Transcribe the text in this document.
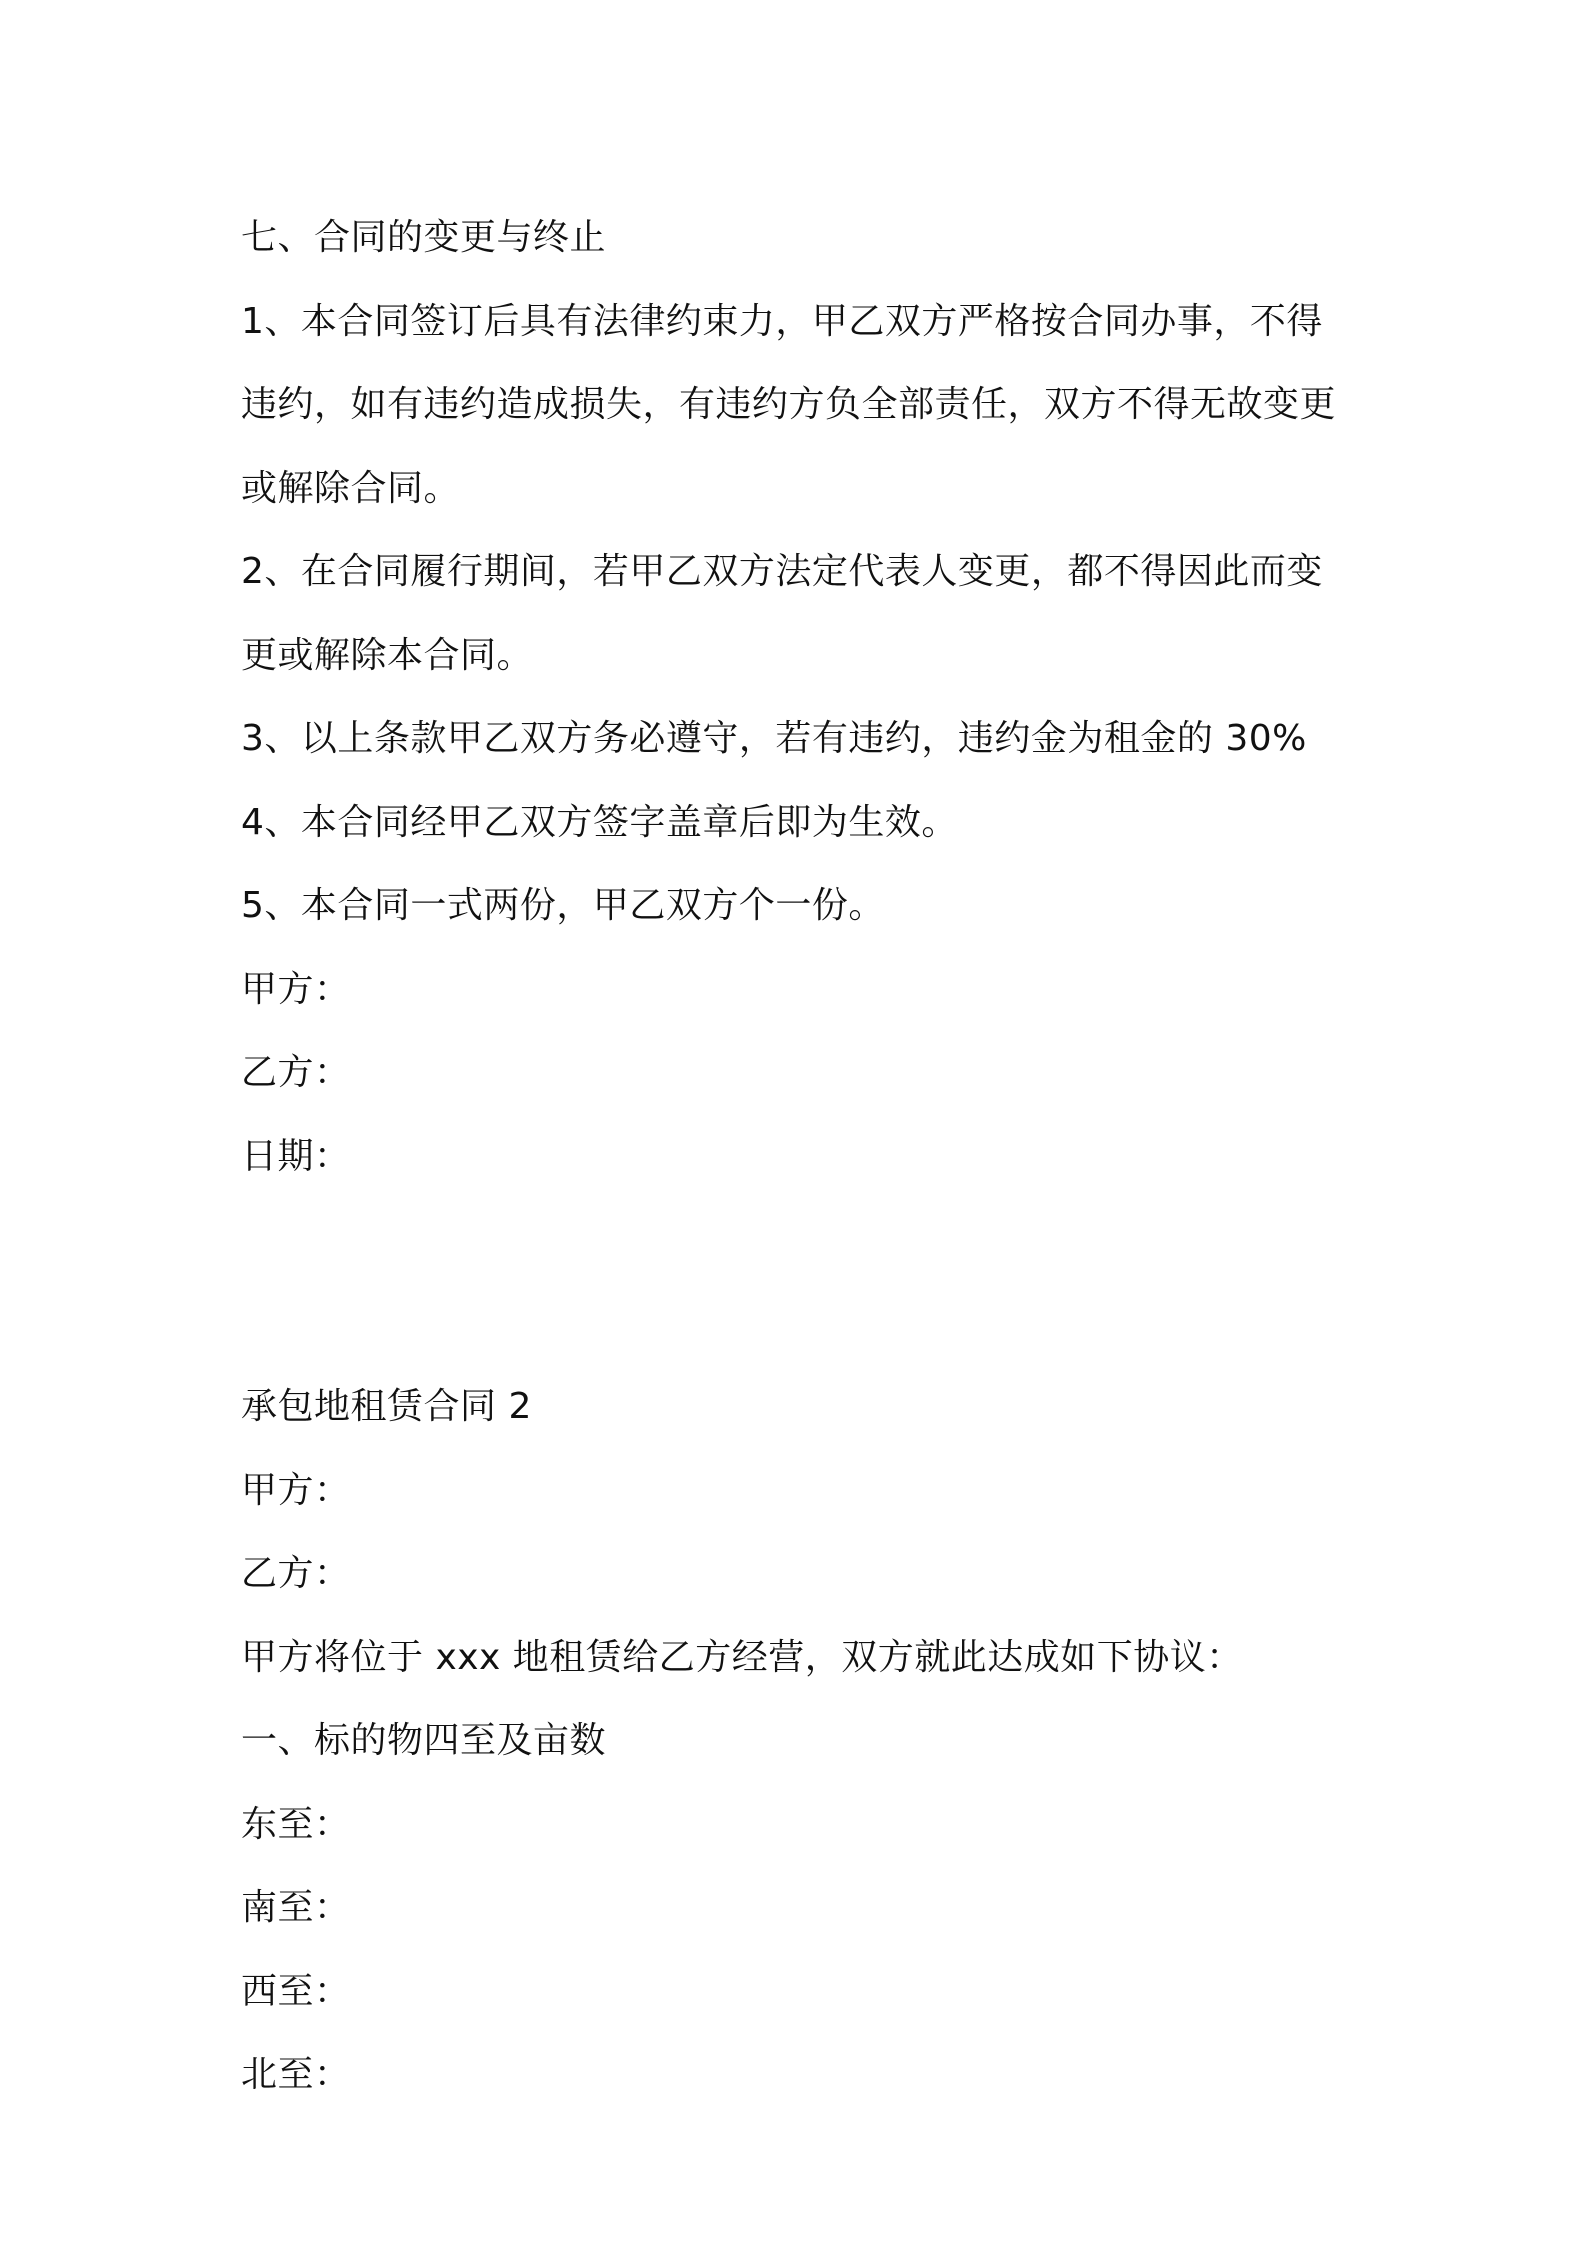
七、合同的变更与终止
1、本合同签订后具有法律约束力，甲乙双方严格按合同办事，不得
违约，如有违约造成损失，有违约方负全部责任，双方不得无故变更
或解除合同。
2、在合同履行期间，若甲乙双方法定代表人变更，都不得因此而变
更或解除本合同。
3、以上条款甲乙双方务必遵守，若有违约，违约金为租金的 30%
4、本合同经甲乙双方签字盖章后即为生效。
5、本合同一式两份，甲乙双方个一份。
甲方：
乙方：
日期：
承包地租赁合同 2
甲方：
乙方：
甲方将位于 xxx 地租赁给乙方经营，双方就此达成如下协议：
一、标的物四至及亩数
东至：
南至：
西至：
北至：
